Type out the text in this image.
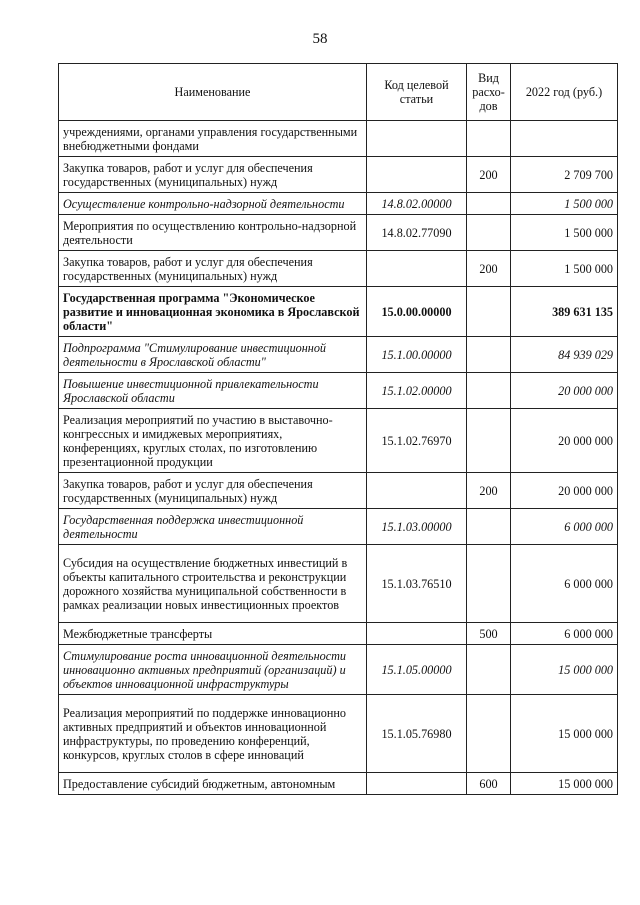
58
Наименование	Код целевой статьи	Вид расхо-дов	2022 год (руб.)
учреждениями, органами управления государственными внебюджетными фондами			
Закупка товаров, работ и услуг для обеспечения государственных (муниципальных) нужд		200	2 709 700
Осуществление контрольно-надзорной деятельности	14.8.02.00000		1 500 000
Мероприятия по осуществлению контрольно-надзорной деятельности	14.8.02.77090		1 500 000
Закупка товаров, работ и услуг для обеспечения государственных (муниципальных) нужд		200	1 500 000
Государственная программа "Экономическое развитие и инновационная экономика в Ярославской области"	15.0.00.00000		389 631 135
Подпрограмма "Стимулирование инвестиционной деятельности в Ярославской области"	15.1.00.00000		84 939 029
Повышение инвестиционной привлекательности Ярославской области	15.1.02.00000		20 000 000
Реализация мероприятий по участию в выставочно-конгрессных и имиджевых мероприятиях, конференциях, круглых столах, по изготовлению презентационной продукции	15.1.02.76970		20 000 000
Закупка товаров, работ и услуг для обеспечения государственных (муниципальных) нужд		200	20 000 000
Государственная поддержка инвестиционной деятельности	15.1.03.00000		6 000 000
Субсидия на осуществление бюджетных инвестиций в объекты капитального строительства и реконструкции дорожного хозяйства муниципальной собственности в рамках реализации новых инвестиционных проектов	15.1.03.76510		6 000 000
Межбюджетные трансферты		500	6 000 000
Стимулирование роста инновационной деятельности инновационно активных предприятий (организаций) и объектов инновационной инфраструктуры	15.1.05.00000		15 000 000
Реализация мероприятий по поддержке инновационно активных предприятий и объектов инновационной инфраструктуры, по проведению конференций, конкурсов, круглых столов в сфере инноваций	15.1.05.76980		15 000 000
Предоставление субсидий бюджетным, автономным		600	15 000 000
